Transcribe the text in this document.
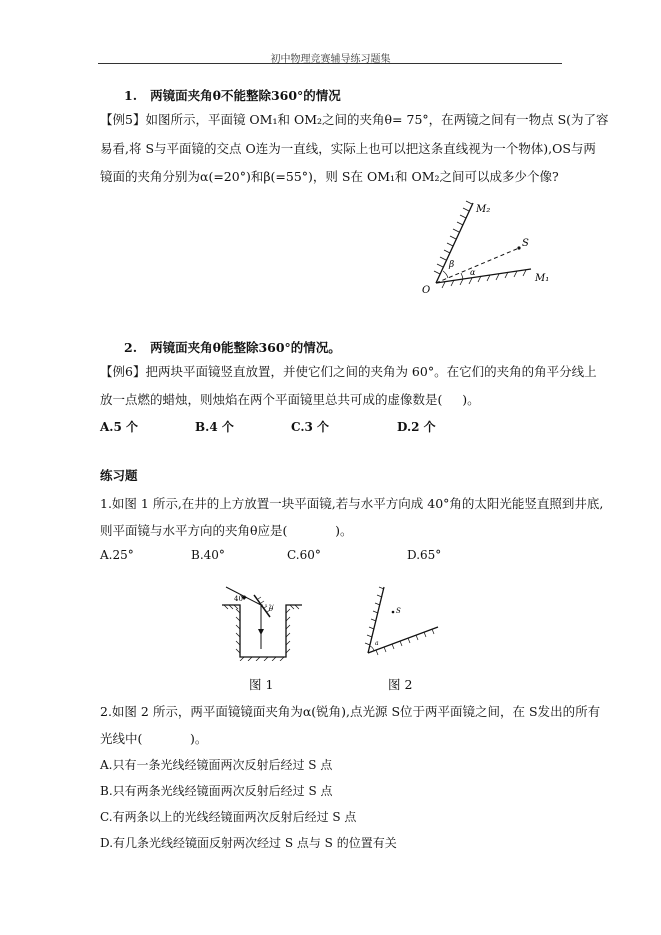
初中物理竞赛辅导练习题集
1.   两镜面夹角θ不能整除360°的情况
【例5】如图所示，平面镜 OM₁和 OM₂之间的夹角θ= 75°，在两镜之间有一物点 S(为了容
易看,将 S与平面镜的交点 O连为一直线，实际上也可以把这条直线视为一个物体),OS与两
镜面的夹角分别为α(=20°)和β(=55°)，则 S在 OM₁和 OM₂之间可以成多少个像?
M₂
M₁
S
O
β
α
2.   两镜面夹角θ能整除360°的情况。
【例6】把两块平面镜竖直放置，并使它们之间的夹角为 60°。在它们的夹角的角平分线上
放一点燃的蜡烛，则烛焰在两个平面镜里总共可成的虚像数是(     )。
A.5 个	B.4 个	C.3 个	D.2 个
练习题
1.如图 1 所示,在井的上方放置一块平面镜,若与水平方向成 40°角的太阳光能竖直照到井底,
则平面镜与水平方向的夹角θ应是(            )。
A.25°	B.40°	C.60°	D.65°
40°
θ	S
a
图 1	图 2
2.如图 2 所示，两平面镜镜面夹角为α(锐角),点光源 S位于两平面镜之间，在 S发出的所有
光线中(            )。
A.只有一条光线经镜面两次反射后经过 S 点
B.只有两条光线经镜面两次反射后经过 S 点
C.有两条以上的光线经镜面两次反射后经过 S 点
D.有几条光线经镜面反射两次经过 S 点与 S 的位置有关
